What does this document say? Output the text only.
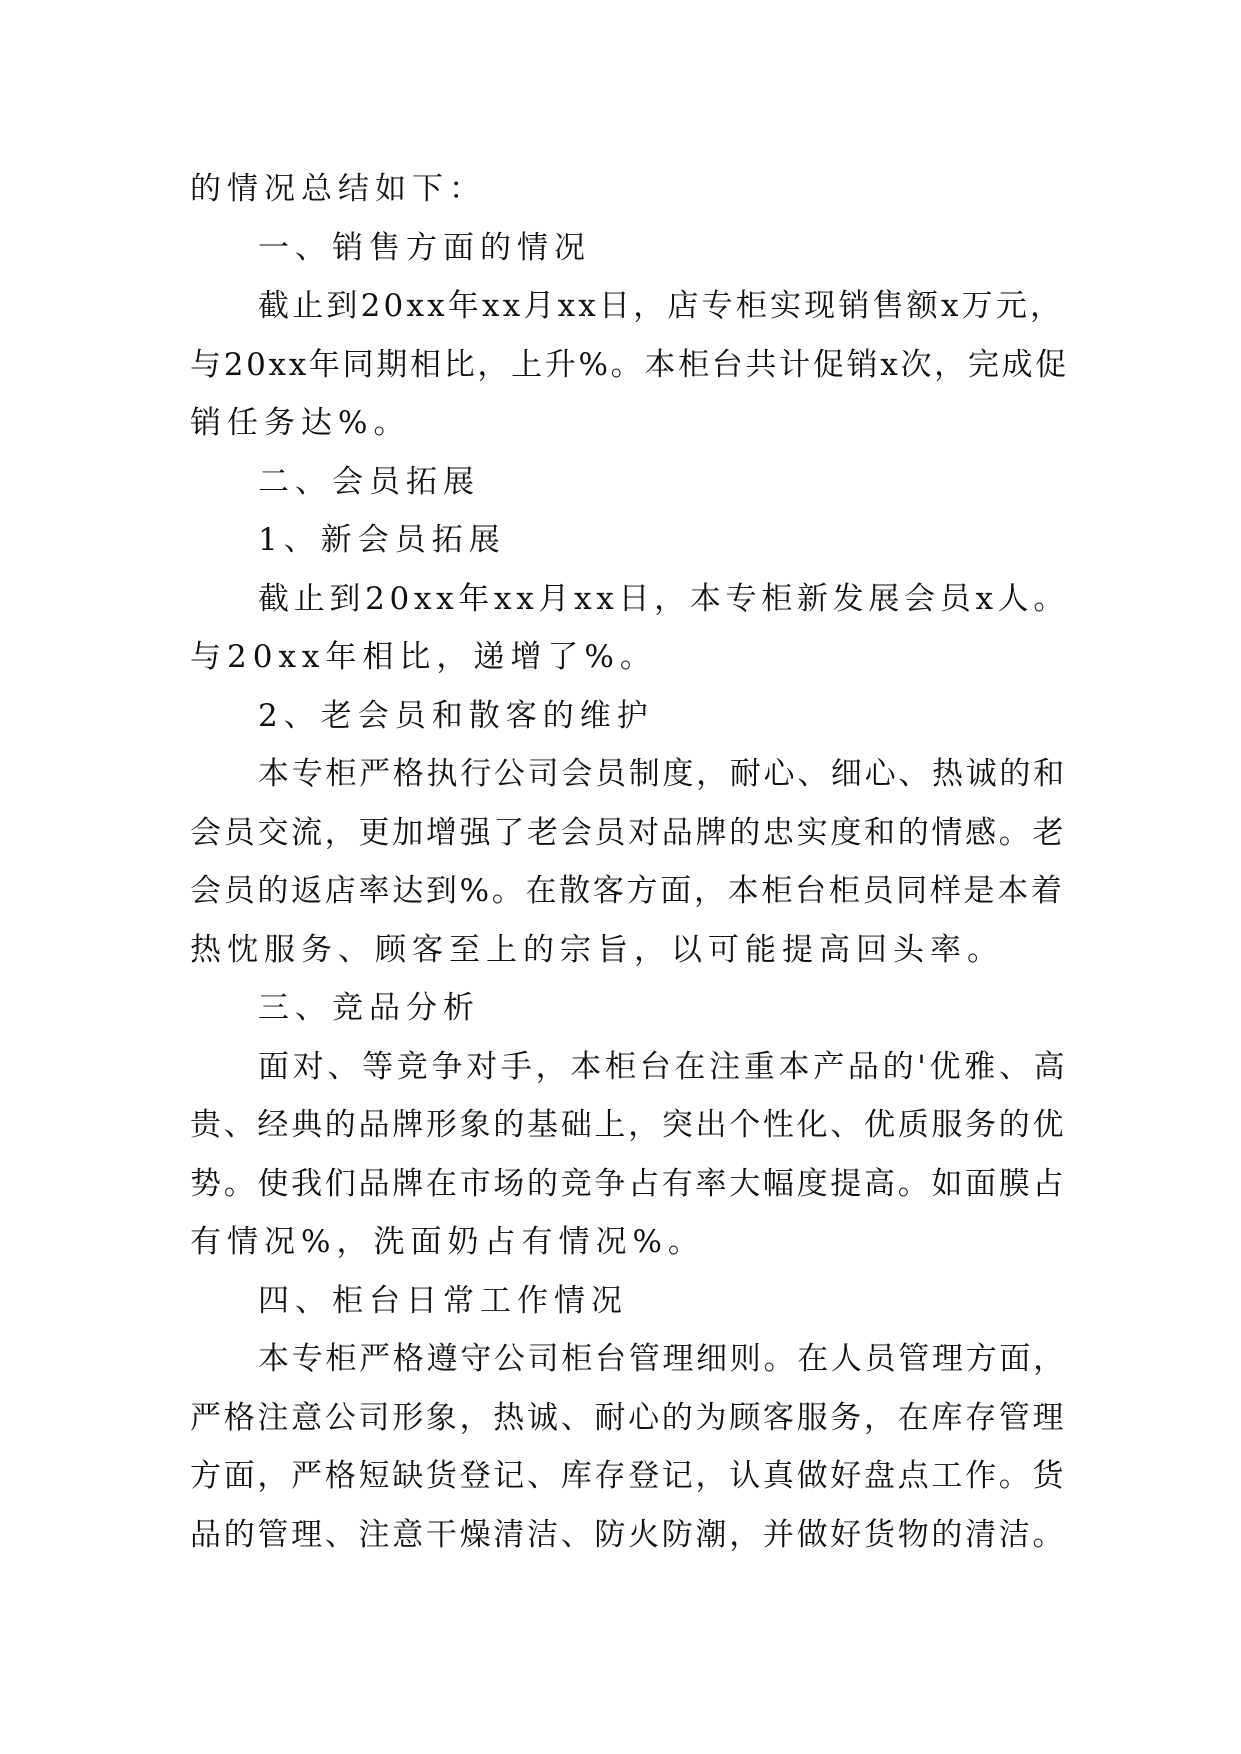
的情况总结如下：
一、销售方面的情况
截止到20xx年xx月xx日，店专柜实现销售额x万元，
与20xx年同期相比，上升%。本柜台共计促销x次，完成促
销任务达%。
二、会员拓展
1、新会员拓展
截止到20xx年xx月xx日，本专柜新发展会员x人。
与20xx年相比，递增了%。
2、老会员和散客的维护
本专柜严格执行公司会员制度，耐心、细心、热诚的和
会员交流，更加增强了老会员对品牌的忠实度和的情感。老
会员的返店率达到%。在散客方面，本柜台柜员同样是本着
热忱服务、顾客至上的宗旨，以可能提高回头率。
三、竞品分析
面对、等竞争对手，本柜台在注重本产品的'优雅、高
贵、经典的品牌形象的基础上，突出个性化、优质服务的优
势。使我们品牌在市场的竞争占有率大幅度提高。如面膜占
有情况%，洗面奶占有情况%。
四、柜台日常工作情况
本专柜严格遵守公司柜台管理细则。在人员管理方面，
严格注意公司形象，热诚、耐心的为顾客服务，在库存管理
方面，严格短缺货登记、库存登记，认真做好盘点工作。货
品的管理、注意干燥清洁、防火防潮，并做好货物的清洁。
